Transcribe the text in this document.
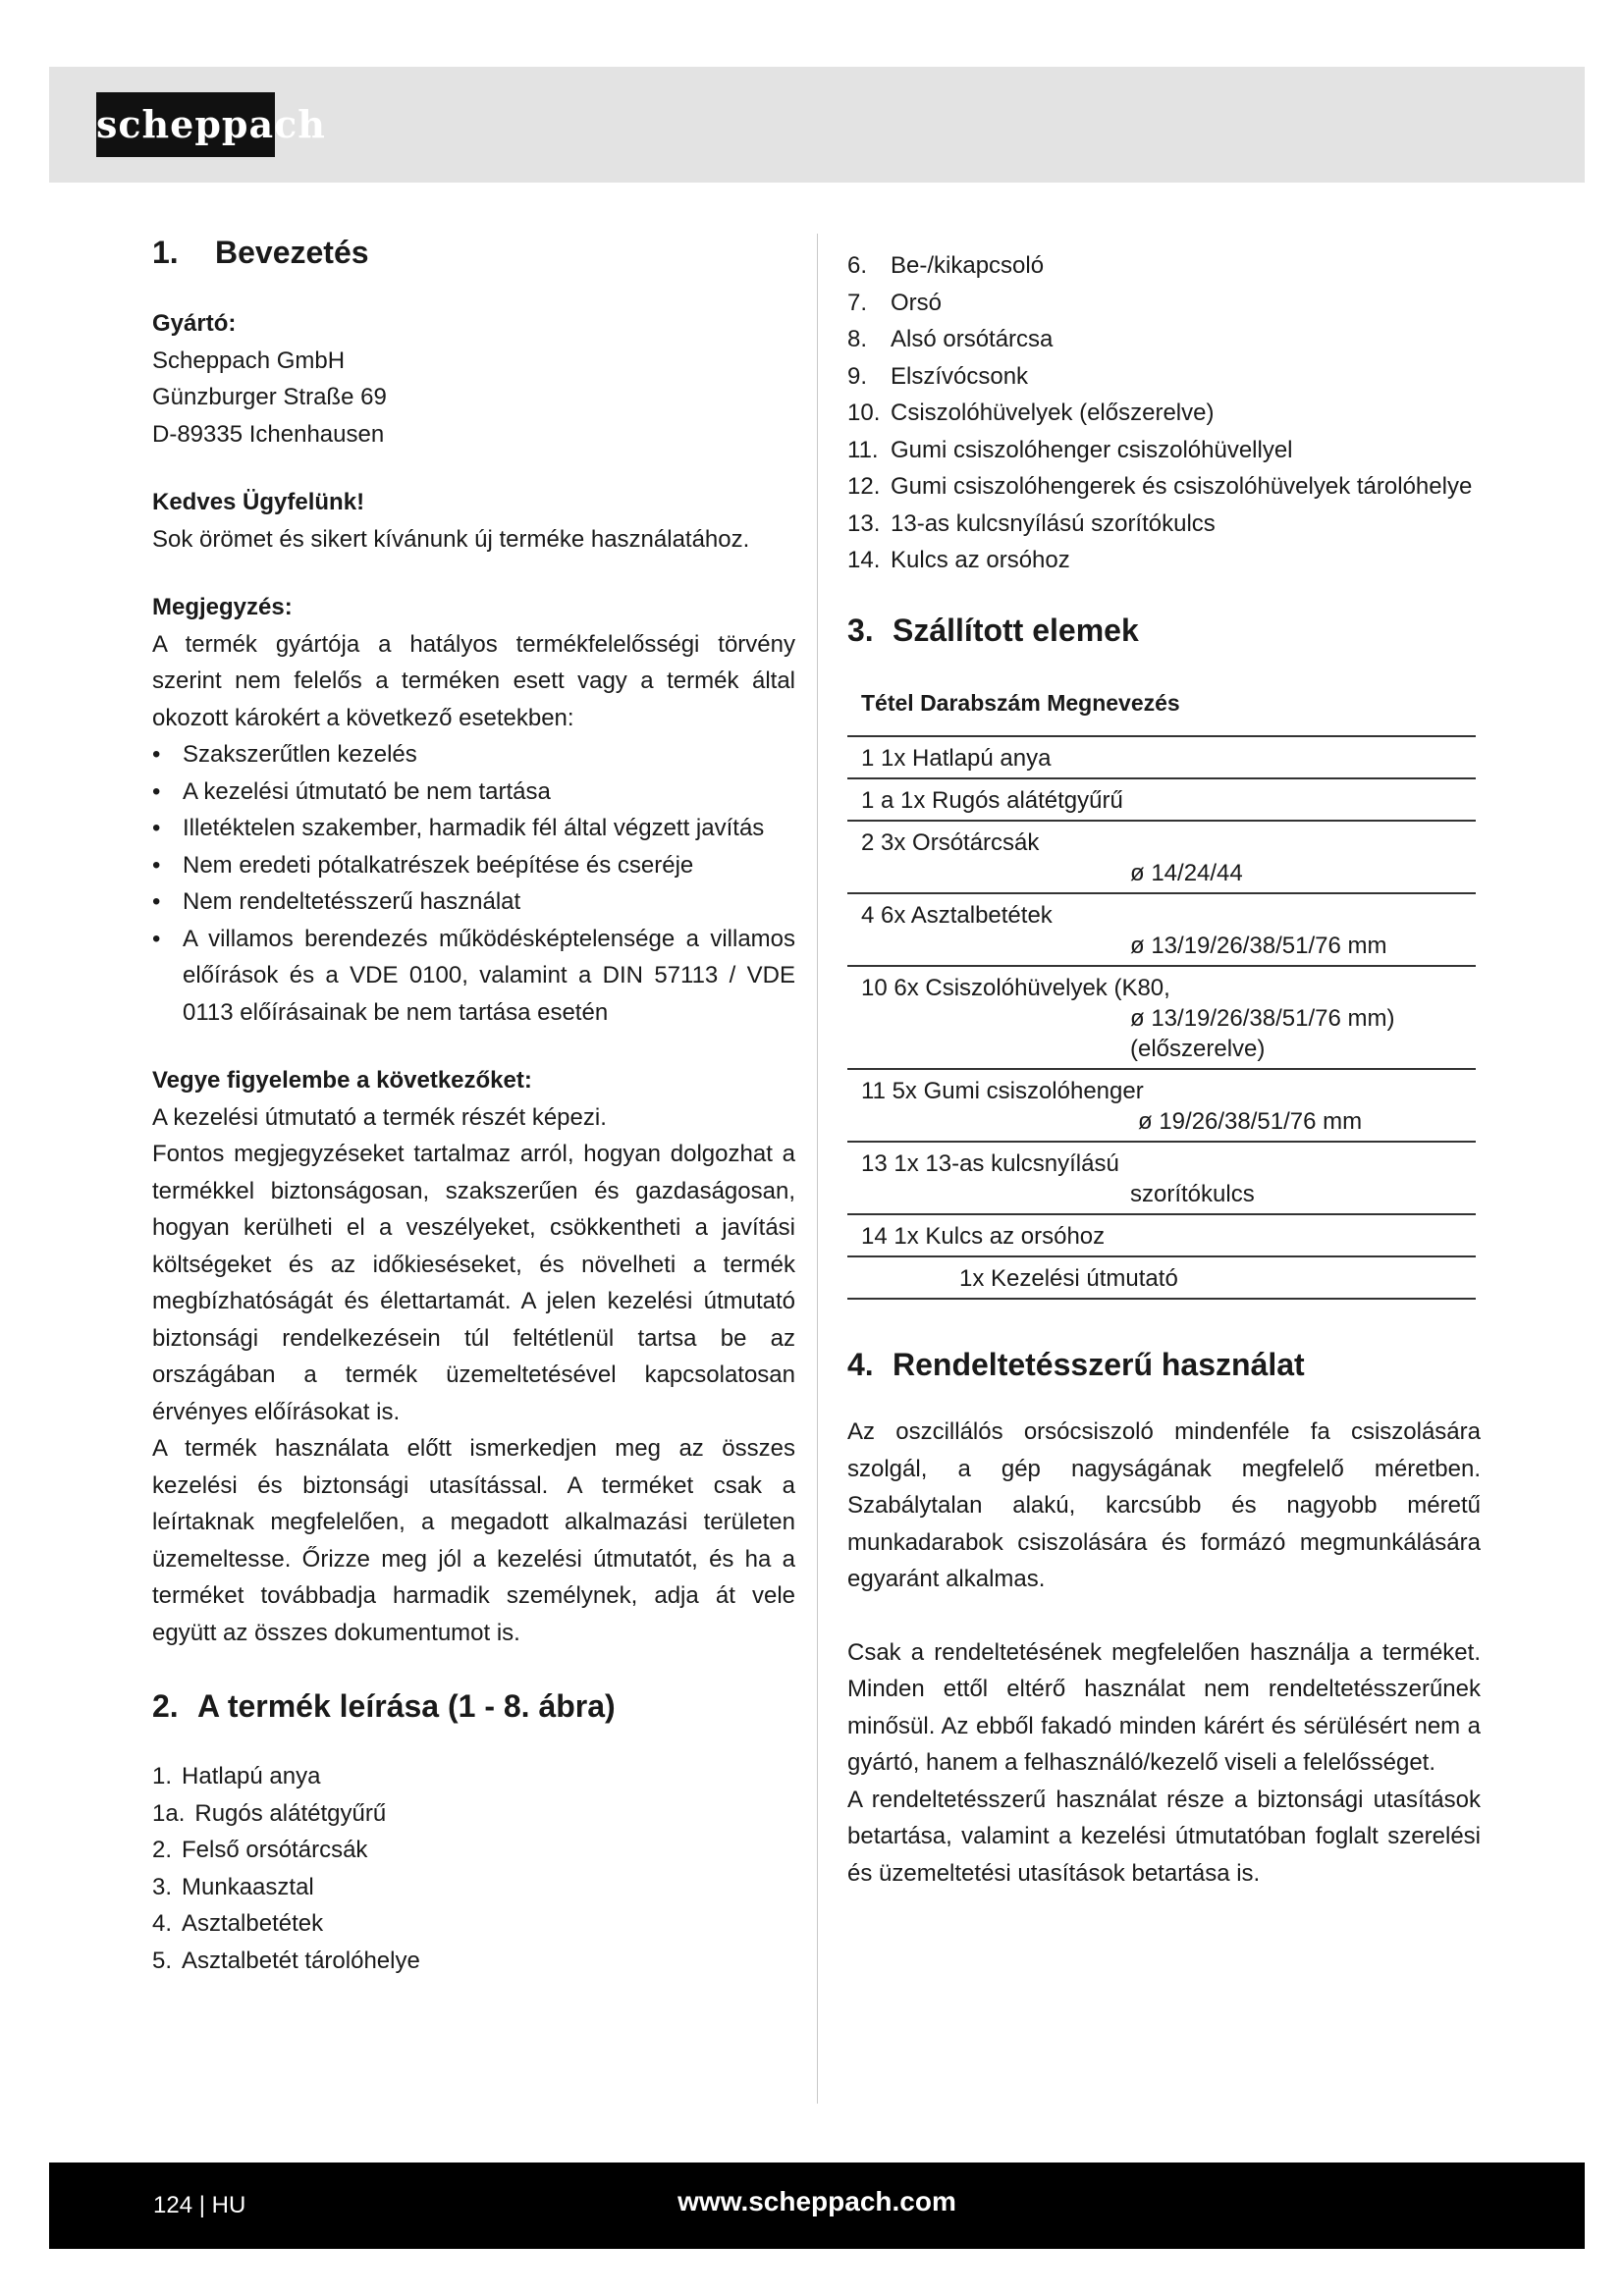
scheppach
1. Bevezetés
Gyártó:
Scheppach GmbH
Günzburger Straße 69
D-89335 Ichenhausen
Kedves Ügyfelünk!

Sok örömet és sikert kívánunk új terméke használatához.

Megjegyzés:

A termék gyártója a hatályos termékfelelősségi törvény szerint nem felelős a terméken esett vagy a termék által okozott károkért a következő esetekben:

• Szakszerűtlen kezelés
• A kezelési útmutató be nem tartása
• Illetéktelen szakember, harmadik fél által végzett javítás
• Nem eredeti pótalkatrészek beépítése és cseréje
• Nem rendeltetésszerű használat
• A villamos berendezés működésképtelensége a villamos előírások és a VDE 0100, valamint a DIN 57113 / VDE 0113 előírásainak be nem tartása esetén
Vegye figyelembe a következőket:

A kezelési útmutató a termék részét képezi.

Fontos megjegyzéseket tartalmaz arról, hogyan dolgozhat a termékkel biztonságosan, szakszerűen és gazdaságosan, hogyan kerülheti el a veszélyeket, csökkentheti a javítási költségeket és az időkieséseket, és növelheti a termék megbízhatóságát és élettartamát. A jelen kezelési útmutató biztonsági rendelkezésein túl feltétlenül tartsa be az országában a termék üzemeltetésével kapcsolatosan érvényes előírásokat is.

A termék használata előtt ismerkedjen meg az összes kezelési és biztonsági utasítással. A terméket csak a leírtaknak megfelelően, a megadott alkalmazási területen üzemeltesse. Őrizze meg jól a kezelési útmutatót, és ha a terméket továbbadja harmadik személynek, adja át vele együtt az összes dokumentumot is.

2. A termék leírása (1 - 8. ábra)
1. Hatlapú anya
1a. Rugós alátétgyűrű
2. Felső orsótárcsák
3. Munkaasztal
4. Asztalbetétek
5. Asztalbetét tárolóhelye
6. Be-/kikapcsoló
7. Orsó
8. Alsó orsótárcsa
9. Elszívócsonk
10. Csiszolóhüvelyek (előszerelve)
11. Gumi csiszolóhenger csiszolóhüvellyel
12. Gumi csiszolóhengerek és csiszolóhüvelyek tárolóhelye
13. 13-as kulcsnyílású szorítókulcs
14. Kulcs az orsóhoz
3. Szállított elemek
Tétel Darabszám Megnevezés
1 1x Hatlapú anya
1 a 1x Rugós alátétgyűrű
2 3x Orsótárcsák
ø 14/24/44
4 6x Asztalbetétek
ø 13/19/26/38/51/76 mm
10 6x Csiszolóhüvelyek (K80,
ø 13/19/26/38/51/76 mm)
(előszerelve)
11 5x Gumi csiszolóhenger
ø 19/26/38/51/76 mm
13 1x 13-as kulcsnyílású
szorítókulcs
14 1x Kulcs az orsóhoz
1x Kezelési útmutató
4. Rendeltetésszerű használat

Az oszcillálós orsócsiszoló mindenféle fa csiszolására szolgál, a gép nagyságának megfelelő méretben. Szabálytalan alakú, karcsúbb és nagyobb méretű munkadarabok csiszolására és formázó megmunkálására egyaránt alkalmas.

Csak a rendeltetésének megfelelően használja a terméket. Minden ettől eltérő használat nem rendeltetésszerűnek minősül. Az ebből fakadó minden kárért és sérülésért nem a gyártó, hanem a felhasználó/kezelő viseli a felelősséget.

A rendeltetésszerű használat része a biztonsági utasítások betartása, valamint a kezelési útmutatóban foglalt szerelési és üzemeltetési utasítások betartása is.

124 | HU	www.scheppach.com
